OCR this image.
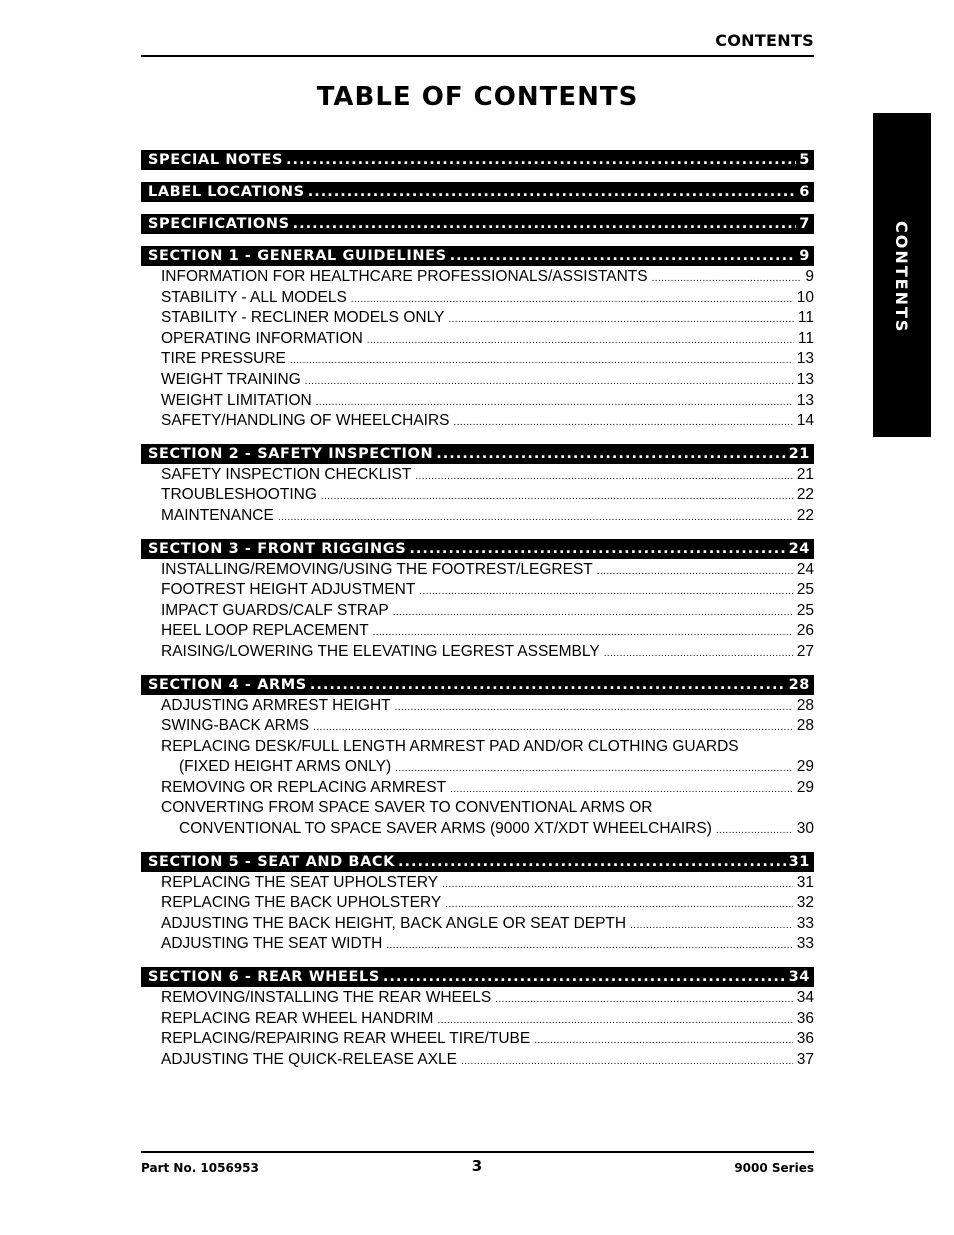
CONTENTS
TABLE OF CONTENTS
CONTENTS
SPECIAL NOTES .....	5
LABEL LOCATIONS .....	6
SPECIFICATIONS .....	7
SECTION 1 - GENERAL GUIDELINES .....	9
INFORMATION FOR HEALTHCARE PROFESSIONALS/ASSISTANTS .....	9
STABILITY - ALL MODELS .....	10
STABILITY - RECLINER MODELS ONLY .....	11
OPERATING INFORMATION .....	11
TIRE PRESSURE .....	13
WEIGHT TRAINING .....	13
WEIGHT LIMITATION .....	13
SAFETY/HANDLING OF WHEELCHAIRS .....	14
SECTION 2 - SAFETY INSPECTION .....	21
SAFETY INSPECTION CHECKLIST .....	21
TROUBLESHOOTING .....	22
MAINTENANCE .....	22
SECTION 3 - FRONT RIGGINGS .....	24
INSTALLING/REMOVING/USING THE FOOTREST/LEGREST .....	24
FOOTREST HEIGHT ADJUSTMENT .....	25
IMPACT GUARDS/CALF STRAP .....	25
HEEL LOOP REPLACEMENT .....	26
RAISING/LOWERING THE ELEVATING LEGREST ASSEMBLY .....	27
SECTION 4 - ARMS .....	28
ADJUSTING ARMREST HEIGHT .....	28
SWING-BACK ARMS .....	28
REPLACING DESK/FULL LENGTH ARMREST PAD AND/OR CLOTHING GUARDS
(FIXED HEIGHT ARMS ONLY) .....	29
REMOVING OR REPLACING ARMREST .....	29
CONVERTING FROM SPACE SAVER TO CONVENTIONAL ARMS OR
CONVENTIONAL TO SPACE SAVER ARMS (9000 XT/XDT WHEELCHAIRS) .....	30
SECTION 5 - SEAT AND BACK .....	31
REPLACING THE SEAT UPHOLSTERY .....	31
REPLACING THE BACK UPHOLSTERY .....	32
ADJUSTING THE BACK HEIGHT, BACK ANGLE OR SEAT DEPTH .....	33
ADJUSTING THE SEAT WIDTH .....	33
SECTION 6 - REAR WHEELS .....	34
REMOVING/INSTALLING THE REAR WHEELS .....	34
REPLACING REAR WHEEL HANDRIM .....	36
REPLACING/REPAIRING REAR WHEEL TIRE/TUBE .....	36
ADJUSTING THE QUICK-RELEASE AXLE .....	37
Part No. 1056953	3	9000 Series
